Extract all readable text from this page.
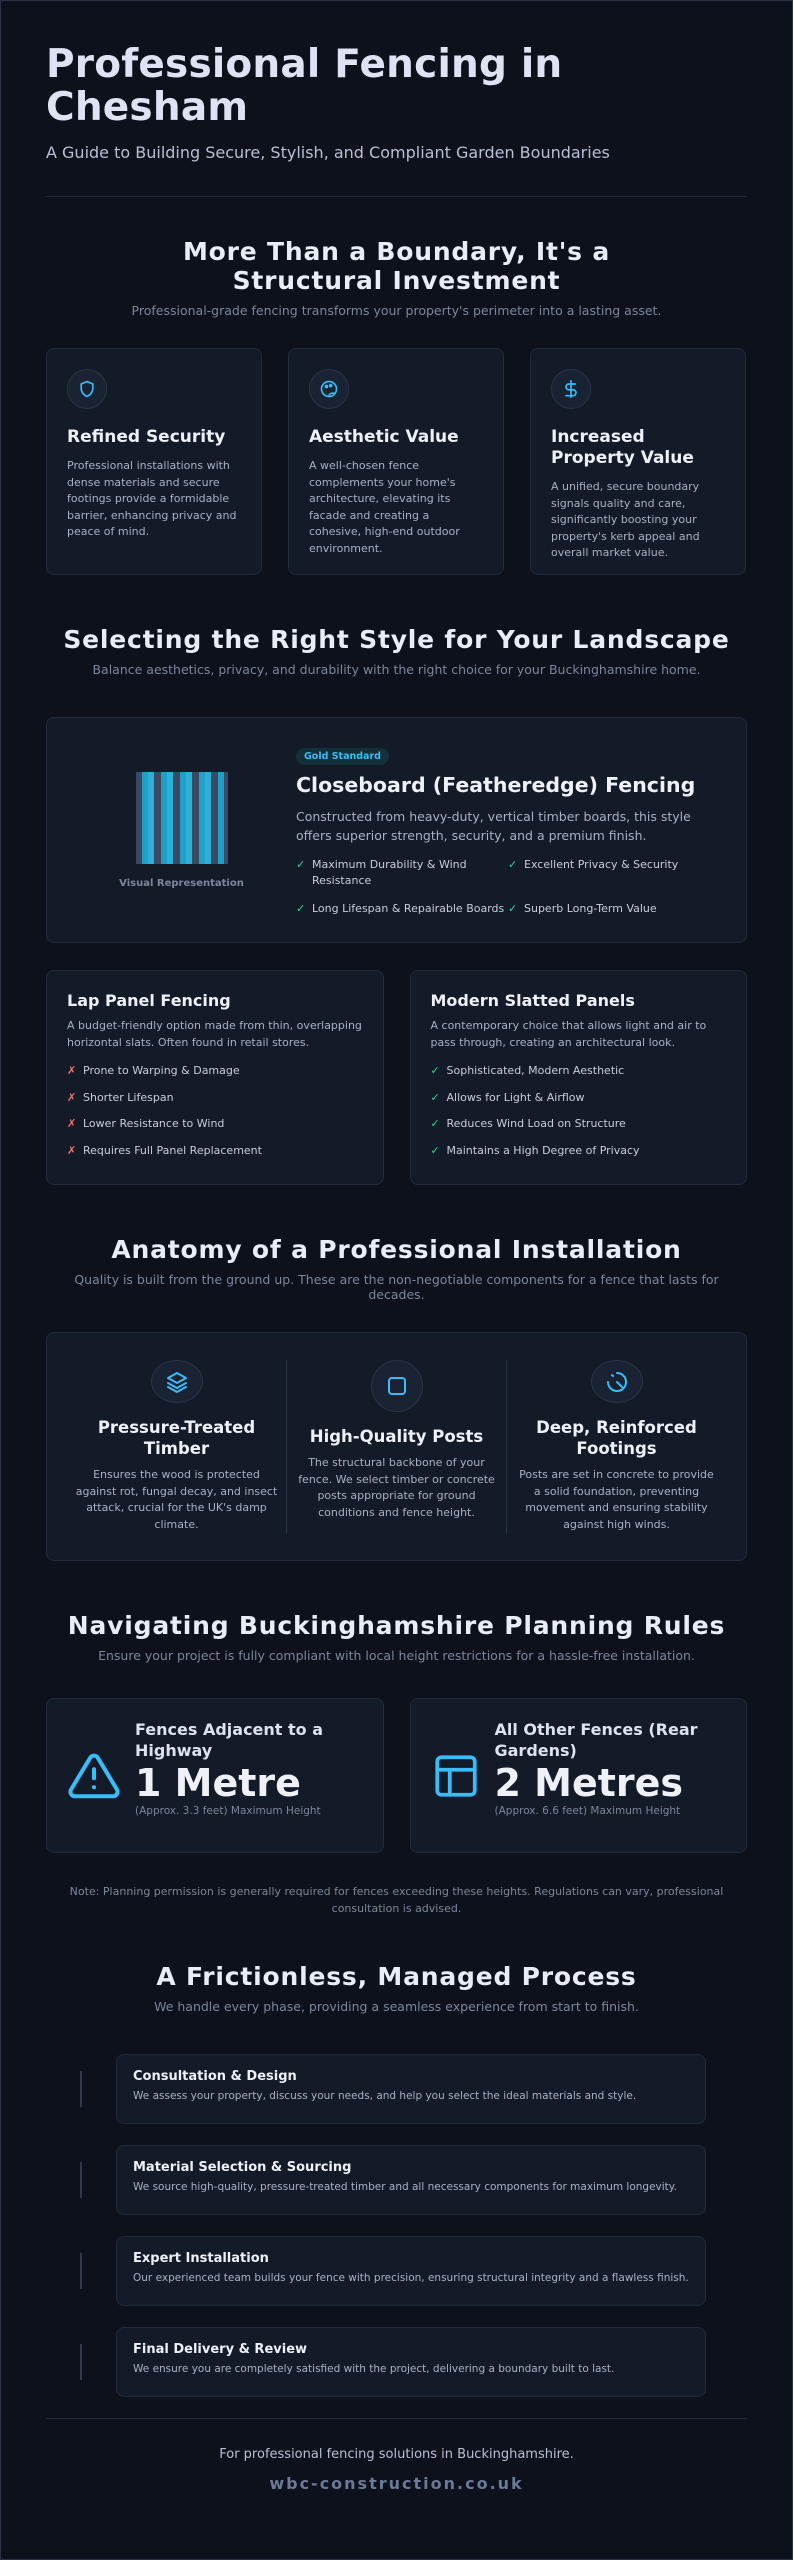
Professional Fencing in Chesham
A Guide to Building Secure, Stylish, and Compliant Garden Boundaries
More Than a Boundary, It's a Structural Investment
Professional-grade fencing transforms your property's perimeter into a lasting asset.
Refined Security

Professional installations with dense materials and secure footings provide a formidable barrier, enhancing privacy and peace of mind.

Aesthetic Value

A well-chosen fence complements your home's architecture, elevating its facade and creating a cohesive, high-end outdoor environment.

Increased Property Value

A unified, secure boundary signals quality and care, significantly boosting your property's kerb appeal and overall market value.

Selecting the Right Style for Your Landscape
Balance aesthetics, privacy, and durability with the right choice for your Buckinghamshire home.
Visual Representation
Gold Standard
Closeboard (Featheredge) Fencing
Constructed from heavy-duty, vertical timber boards, this style offers superior strength, security, and a premium finish.
✓ Maximum Durability & Wind Resistance
✓ Excellent Privacy & Security
✓ Long Lifespan & Repairable Boards ✓ Superb Long-Term Value
Lap Panel Fencing
A budget-friendly option made from thin, overlapping horizontal slats. Often found in retail stores.
✗ Prone to Warping & Damage
✗ Shorter Lifespan
✗ Lower Resistance to Wind
✗ Requires Full Panel Replacement
Modern Slatted Panels
A contemporary choice that allows light and air to pass through, creating an architectural look.
✓ Sophisticated, Modern Aesthetic
✓ Allows for Light & Airflow
✓ Reduces Wind Load on Structure
✓ Maintains a High Degree of Privacy
Anatomy of a Professional Installation
Quality is built from the ground up. These are the non-negotiable components for a fence that lasts for decades.
Pressure-Treated Timber

Ensures the wood is protected against rot, fungal decay, and insect attack, crucial for the UK's damp climate.

High-Quality Posts

The structural backbone of your fence. We select timber or concrete posts appropriate for ground conditions and fence height.

Deep, Reinforced Footings

Posts are set in concrete to provide a solid foundation, preventing movement and ensuring stability against high winds.

Navigating Buckinghamshire Planning Rules
Ensure your project is fully compliant with local height restrictions for a hassle-free installation.
Fences Adjacent to a Highway
1 Metre
(Approx. 3.3 feet) Maximum Height
All Other Fences (Rear Gardens)
2 Metres
(Approx. 6.6 feet) Maximum Height
Note: Planning permission is generally required for fences exceeding these heights. Regulations can vary, professional consultation is advised.
A Frictionless, Managed Process
We handle every phase, providing a seamless experience from start to finish.
Consultation & Design

We assess your property, discuss your needs, and help you select the ideal materials and style.

Material Selection & Sourcing

We source high-quality, pressure-treated timber and all necessary components for maximum longevity.

Expert Installation

Our experienced team builds your fence with precision, ensuring structural integrity and a flawless finish.

Final Delivery & Review

We ensure you are completely satisfied with the project, delivering a boundary built to last.

For professional fencing solutions in Buckinghamshire.
wbc-construction.co.uk
